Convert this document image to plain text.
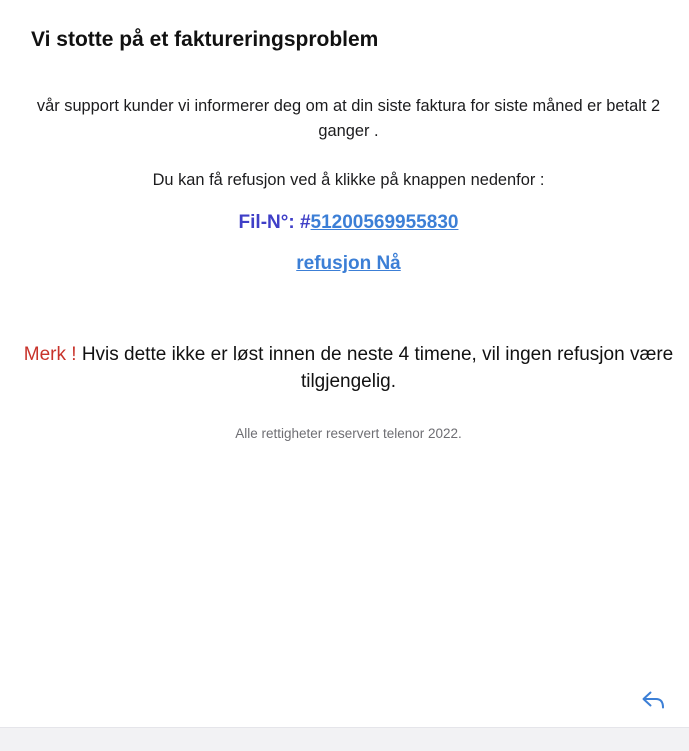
Vi stotte på et faktureringsproblem

vår support kunder vi informerer deg om at din siste faktura for siste måned er betalt 2 ganger .

Du kan få refusjon ved å klikke på knappen nedenfor :

Fil-N°: #51200569955830
refusjon Nå

Merk ! Hvis dette ikke er løst innen de neste 4 timene, vil ingen refusjon være tilgjengelig.

Alle rettigheter reservert telenor 2022.
